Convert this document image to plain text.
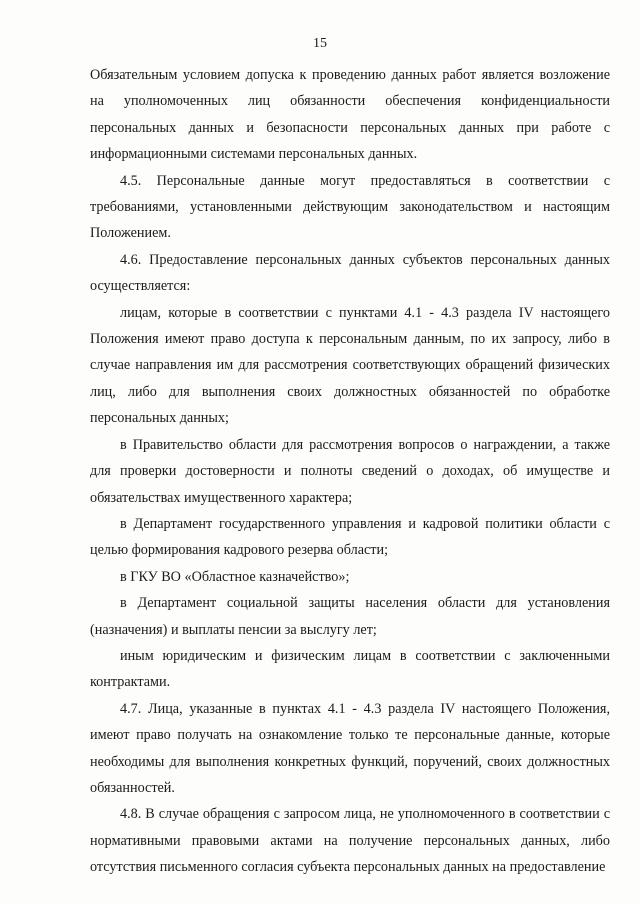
15

Обязательным условием допуска к проведению данных работ является возложение на уполномоченных лиц обязанности обеспечения конфиденциальности персональных данных и безопасности персональных данных при работе с информационными системами персональных данных.

4.5. Персональные данные могут предоставляться в соответствии с требованиями, установленными действующим законодательством и настоящим Положением.

4.6. Предоставление персональных данных субъектов персональных данных осуществляется:

лицам, которые в соответствии с пунктами 4.1 - 4.3 раздела IV настоящего Положения имеют право доступа к персональным данным, по их запросу, либо в случае направления им для рассмотрения соответствующих обращений физических лиц, либо для выполнения своих должностных обязанностей по обработке персональных данных;

в Правительство области для рассмотрения вопросов о награждении, а также для проверки достоверности и полноты сведений о доходах, об имуществе и обязательствах имущественного характера;

в Департамент государственного управления и кадровой политики области с целью формирования кадрового резерва области;

в ГКУ ВО «Областное казначейство»;

в Департамент социальной защиты населения области для установления (назначения) и выплаты пенсии за выслугу лет;

иным юридическим и физическим лицам в соответствии с заключенными контрактами.

4.7. Лица, указанные в пунктах 4.1 - 4.3 раздела IV настоящего Положения, имеют право получать на ознакомление только те персональные данные, которые необходимы для выполнения конкретных функций, поручений, своих должностных обязанностей.

4.8. В случае обращения с запросом лица, не уполномоченного в соответствии с нормативными правовыми актами на получение персональных данных, либо отсутствия письменного согласия субъекта персональных данных на предоставление
